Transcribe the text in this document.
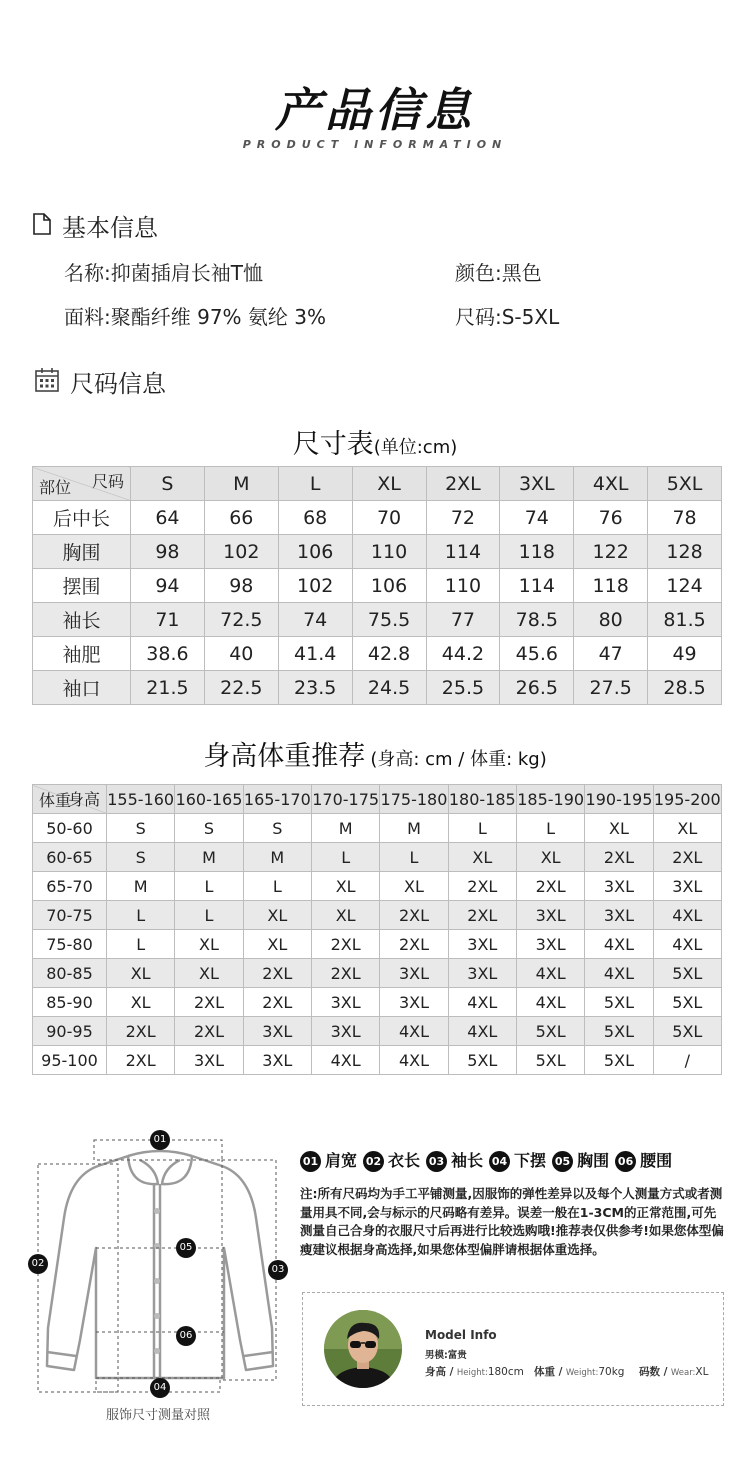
产品信息
PRODUCT INFORMATION
基本信息
名称:抑菌插肩长袖T恤	颜色:黑色
面料:聚酯纤维 97% 氨纶 3%	尺码:S-5XL
尺码信息
尺寸表(单位:cm)
尺码
部位	S	M	L	XL	2XL	3XL	4XL	5XL
后中长	64	66	68	70	72	74	76	78
胸围	98	102	106	110	114	118	122	128
摆围	94	98	102	106	110	114	118	124
袖长	71	72.5	74	75.5	77	78.5	80	81.5
袖肥	38.6	40	41.4	42.8	44.2	45.6	47	49
袖口	21.5	22.5	23.5	24.5	25.5	26.5	27.5	28.5
身高体重推荐 (身高: cm / 体重: kg)
身高
体重	155-160	160-165	165-170	170-175	175-180	180-185	185-190	190-195	195-200
50-60	S	S	S	M	M	L	L	XL	XL
60-65	S	M	M	L	L	XL	XL	2XL	2XL
65-70	M	L	L	XL	XL	2XL	2XL	3XL	3XL
70-75	L	L	XL	XL	2XL	2XL	3XL	3XL	4XL
75-80	L	XL	XL	2XL	2XL	3XL	3XL	4XL	4XL
80-85	XL	XL	2XL	2XL	3XL	3XL	4XL	4XL	5XL
85-90	XL	2XL	2XL	3XL	3XL	4XL	4XL	5XL	5XL
90-95	2XL	2XL	3XL	3XL	4XL	4XL	5XL	5XL	5XL
95-100	2XL	3XL	3XL	4XL	4XL	5XL	5XL	5XL	/
01
02
03
04
05
06
服饰尺寸测量对照
01 肩宽 02 衣长 03 袖长 04 下摆 05 胸围 06 腰围
注:所有尺码均为手工平铺测量,因服饰的弹性差异以及每个人测量方式或者测量用具不同,会与标示的尺码略有差异。误差一般在1-3CM的正常范围,可先测量自己合身的衣服尺寸后再进行比较选购哦!推荐表仅供参考!如果您体型偏瘦建议根据身高选择,如果您体型偏胖请根据体重选择。
Model Info
男模:富贵
身高 / Height:180cm 体重 / Weight:70kg 码数 / Wear:XL
